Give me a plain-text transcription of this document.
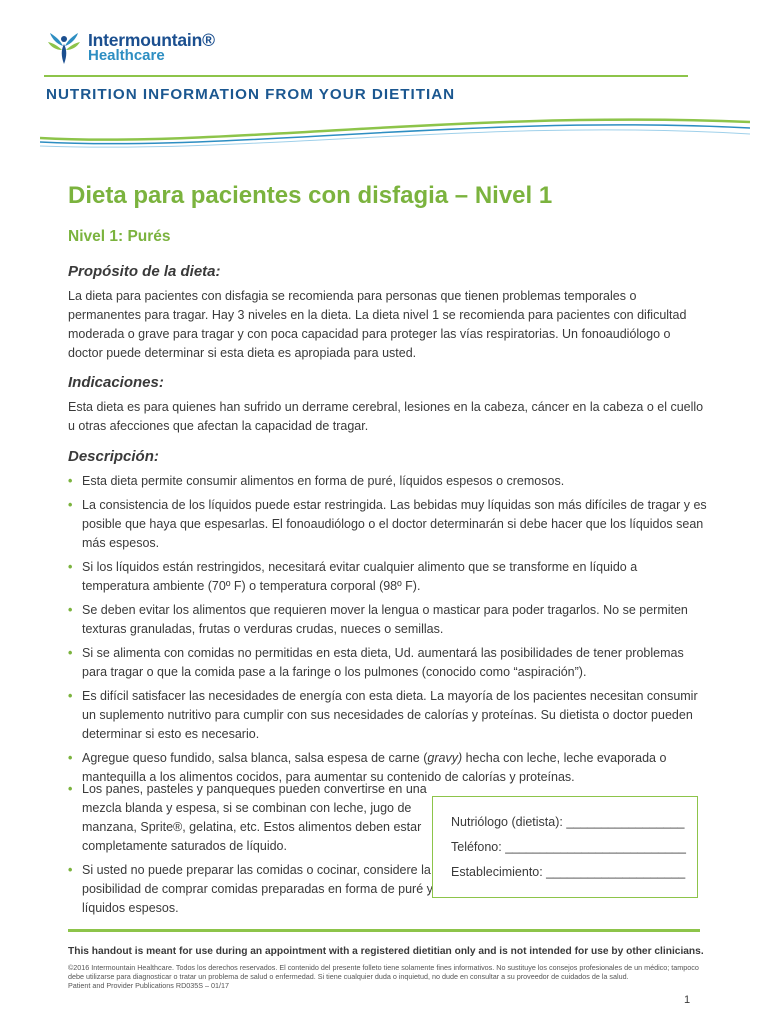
Intermountain®
Healthcare
NUTRITION INFORMATION FROM YOUR DIETITIAN
Dieta para pacientes con disfagia – Nivel 1
Nivel 1: Purés
Propósito de la dieta:

La dieta para pacientes con disfagia se recomienda para personas que tienen problemas temporales o permanentes para tragar. Hay 3 niveles en la dieta. La dieta nivel 1 se recomienda para pacientes con dificultad moderada o grave para tragar y con poca capacidad para proteger las vías respiratorias. Un fonoaudiólogo o doctor puede determinar si esta dieta es apropiada para usted.

Indicaciones:

Esta dieta es para quienes han sufrido un derrame cerebral, lesiones en la cabeza, cáncer en la cabeza o el cuello u otras afecciones que afectan la capacidad de tragar.

Descripción:
• Esta dieta permite consumir alimentos en forma de puré, líquidos espesos o cremosos.
• La consistencia de los líquidos puede estar restringida. Las bebidas muy líquidas son más difíciles de tragar y es posible que haya que espesarlas. El fonoaudiólogo o el doctor determinarán si debe hacer que los líquidos sean más espesos.
• Si los líquidos están restringidos, necesitará evitar cualquier alimento que se transforme en líquido a temperatura ambiente (70º F) o temperatura corporal (98º F).
• Se deben evitar los alimentos que requieren mover la lengua o masticar para poder tragarlos. No se permiten texturas granuladas, frutas o verduras crudas, nueces o semillas.
• Si se alimenta con comidas no permitidas en esta dieta, Ud. aumentará las posibilidades de tener problemas para tragar o que la comida pase a la faringe o los pulmones (conocido como “aspiración”).
• Es difícil satisfacer las necesidades de energía con esta dieta. La mayoría de los pacientes necesitan consumir un suplemento nutritivo para cumplir con sus necesidades de calorías y proteínas. Su dietista o doctor pueden determinar si esto es necesario.
• Agregue queso fundido, salsa blanca, salsa espesa de carne (gravy) hecha con leche, leche evaporada o mantequilla a los alimentos cocidos, para aumentar su contenido de calorías y proteínas.
• Los panes, pasteles y panqueques pueden convertirse en una mezcla blanda y espesa, si se combinan con leche, jugo de manzana, Sprite®, gelatina, etc. Estos alimentos deben estar completamente saturados de líquido.
• Si usted no puede preparar las comidas o cocinar, considere la posibilidad de comprar comidas preparadas en forma de puré y líquidos espesos.
Nutriólogo (dietista): _________________
Teléfono: __________________________
Establecimiento: ____________________
This handout is meant for use during an appointment with a registered dietitian only and is not intended for use by other clinicians.
©2016 Intermountain Healthcare. Todos los derechos reservados. El contenido del presente folleto tiene solamente fines informativos. No sustituye los consejos profesionales de un médico; tampoco debe utilizarse para diagnosticar o tratar un problema de salud o enfermedad. Si tiene cualquier duda o inquietud, no dude en consultar a su proveedor de cuidados de la salud.
Patient and Provider Publications RD035S – 01/17
1
